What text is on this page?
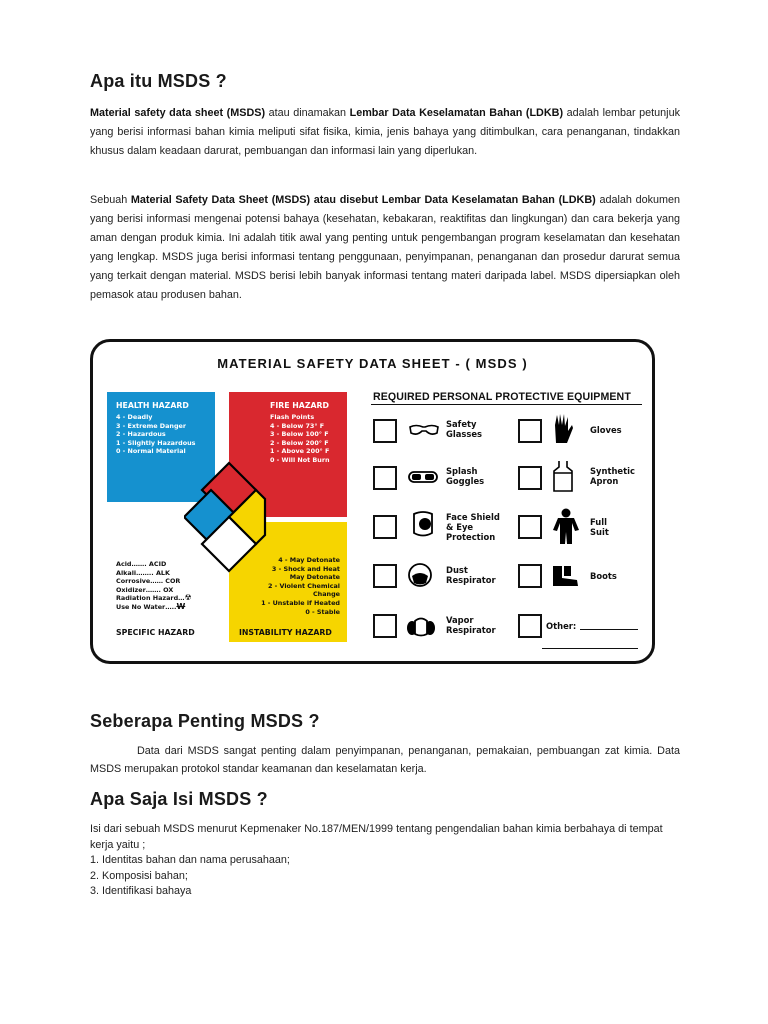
Apa itu MSDS ?

Material safety data sheet (MSDS) atau dinamakan Lembar Data Keselamatan Bahan (LDKB) adalah lembar petunjuk yang berisi informasi bahan kimia meliputi sifat fisika, kimia, jenis bahaya yang ditimbulkan, cara penanganan, tindakkan khusus dalam keadaan darurat, pembuangan dan informasi lain yang diperlukan.

Sebuah Material Safety Data Sheet (MSDS) atau disebut Lembar Data Keselamatan Bahan (LDKB) adalah dokumen yang berisi informasi mengenai potensi bahaya (kesehatan, kebakaran, reaktifitas dan lingkungan) dan cara bekerja yang aman dengan produk kimia. Ini adalah titik awal yang penting untuk pengembangan program keselamatan dan kesehatan yang lengkap. MSDS juga berisi informasi tentang penggunaan, penyimpanan, penanganan dan prosedur darurat semua yang terkait dengan material. MSDS berisi lebih banyak informasi tentang materi daripada label. MSDS dipersiapkan oleh pemasok atau produsen bahan.

MATERIAL SAFETY DATA SHEET - ( MSDS )
HEALTH HAZARD
4 - Deadly
3 - Extreme Danger
2 - Hazardous
1 - Slightly Hazardous
0 - Normal Material
FIRE HAZARD
Flash Points
4 - Below 73° F
3 - Below 100° F
2 - Below 200° F
1 - Above 200° F
0 - Will Not Burn
4 - May Detonate
3 - Shock and Heat
May Detonate
2 - Violent Chemical
Change
1 - Unstable if Heated
0 - Stable
INSTABILITY HAZARD
Acid……. ACID
Alkali…….. ALK
Corrosive…… COR
Oxidizer……. OX
Radiation Hazard…☢
Use No Water…..W
SPECIFIC HAZARD
REQUIRED PERSONAL PROTECTIVE EQUIPMENT
Safety
Glasses
Splash
Goggles
Face Shield
& Eye
Protection
Dust
Respirator
Vapor
Respirator
Gloves
Synthetic
Apron
Full
Suit
Boots
Other:
Seberapa Penting MSDS ?

Data dari MSDS sangat penting dalam penyimpanan, penanganan, pemakaian, pembuangan zat kimia. Data MSDS merupakan protokol standar keamanan dan keselamatan kerja.

Apa Saja Isi MSDS ?
Isi dari sebuah MSDS menurut Kepmenaker No.187/MEN/1999 tentang pengendalian bahan kimia berbahaya di tempat kerja yaitu ;
1. Identitas bahan dan nama perusahaan;
2. Komposisi bahan;
3. Identifikasi bahaya
